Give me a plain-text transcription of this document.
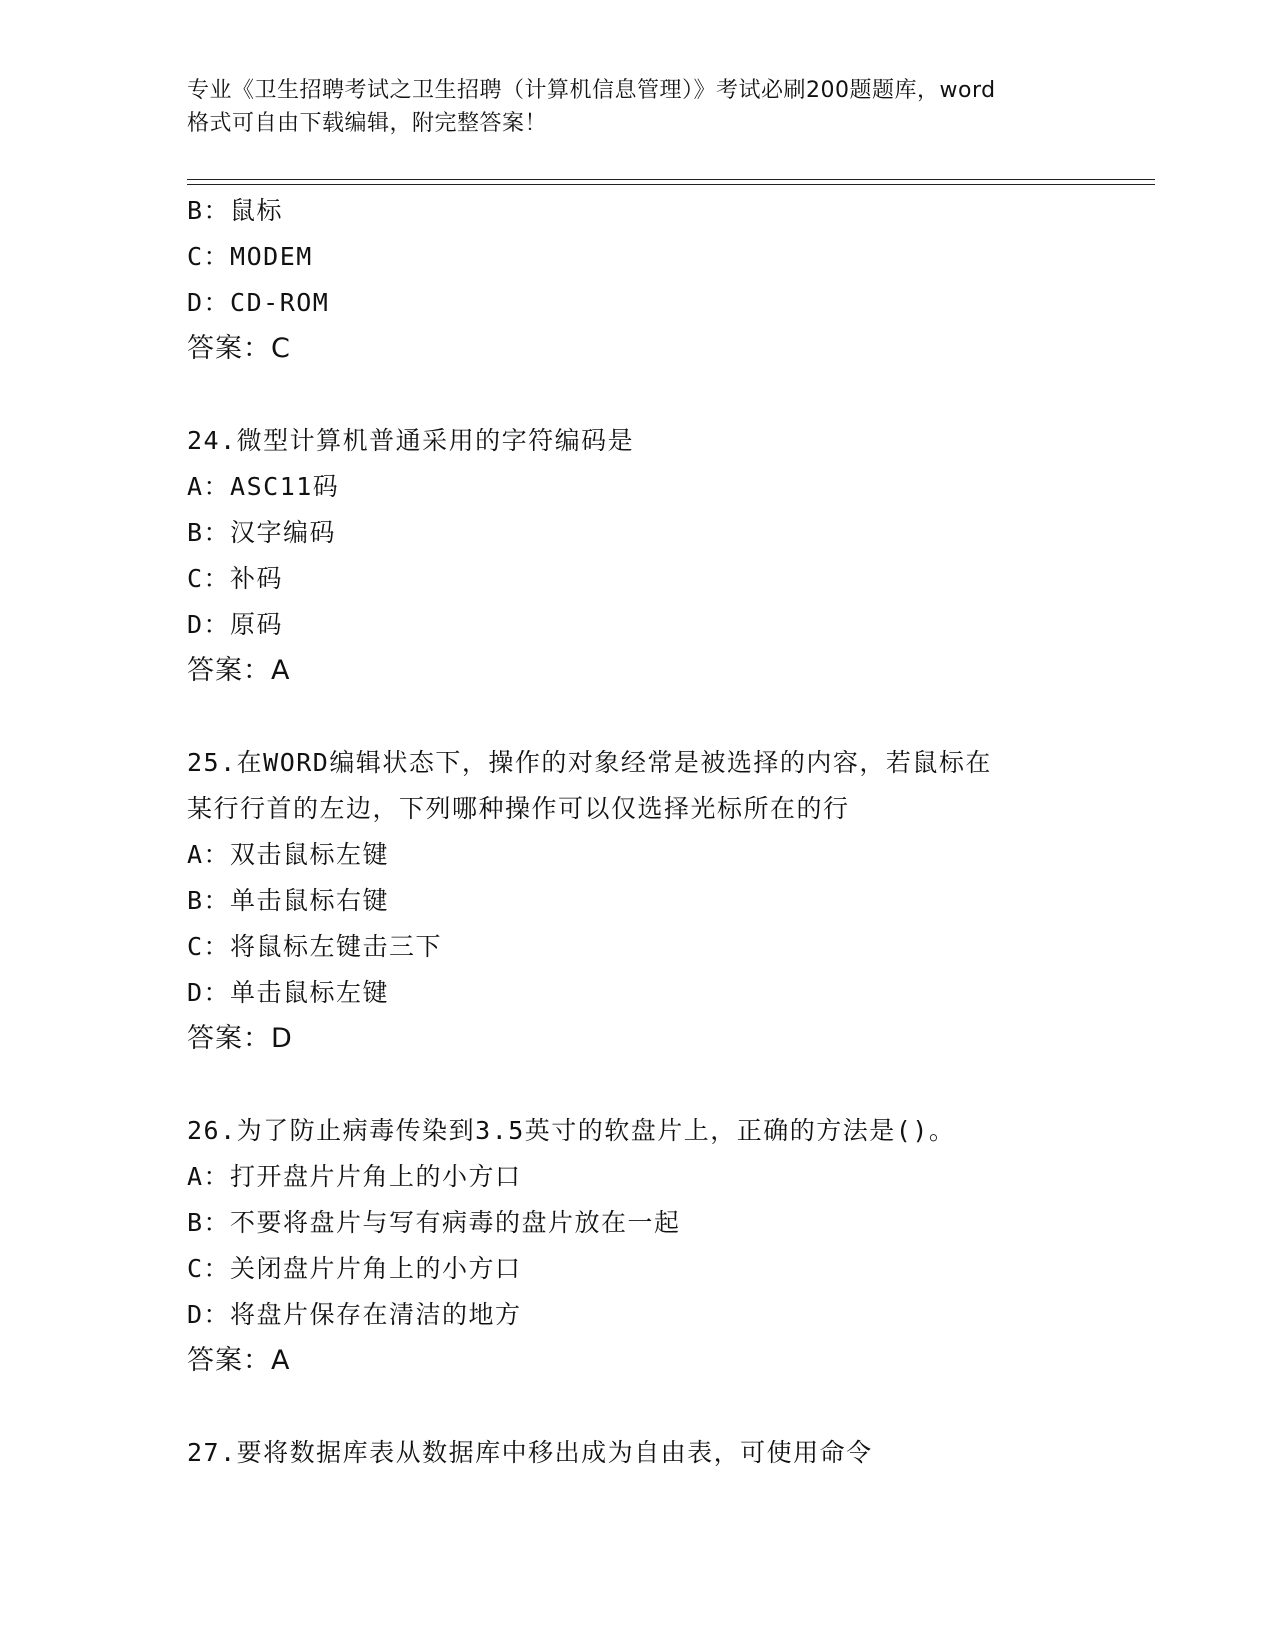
专业《卫生招聘考试之卫生招聘（计算机信息管理）》考试必刷200题题库，word
格式可自由下载编辑，附完整答案！
B：鼠标
C：MODEM
D：CD-ROM
答案：C
24.微型计算机普通采用的字符编码是
A：ASC11码
B：汉字编码
C：补码
D：原码
答案：A
25.在WORD编辑状态下，操作的对象经常是被选择的内容，若鼠标在
某行行首的左边，下列哪种操作可以仅选择光标所在的行
A：双击鼠标左键
B：单击鼠标右键
C：将鼠标左键击三下
D：单击鼠标左键
答案：D
26.为了防止病毒传染到3.5英寸的软盘片上，正确的方法是()。
A：打开盘片片角上的小方口
B：不要将盘片与写有病毒的盘片放在一起
C：关闭盘片片角上的小方口
D：将盘片保存在清洁的地方
答案：A
27.要将数据库表从数据库中移出成为自由表，可使用命令
